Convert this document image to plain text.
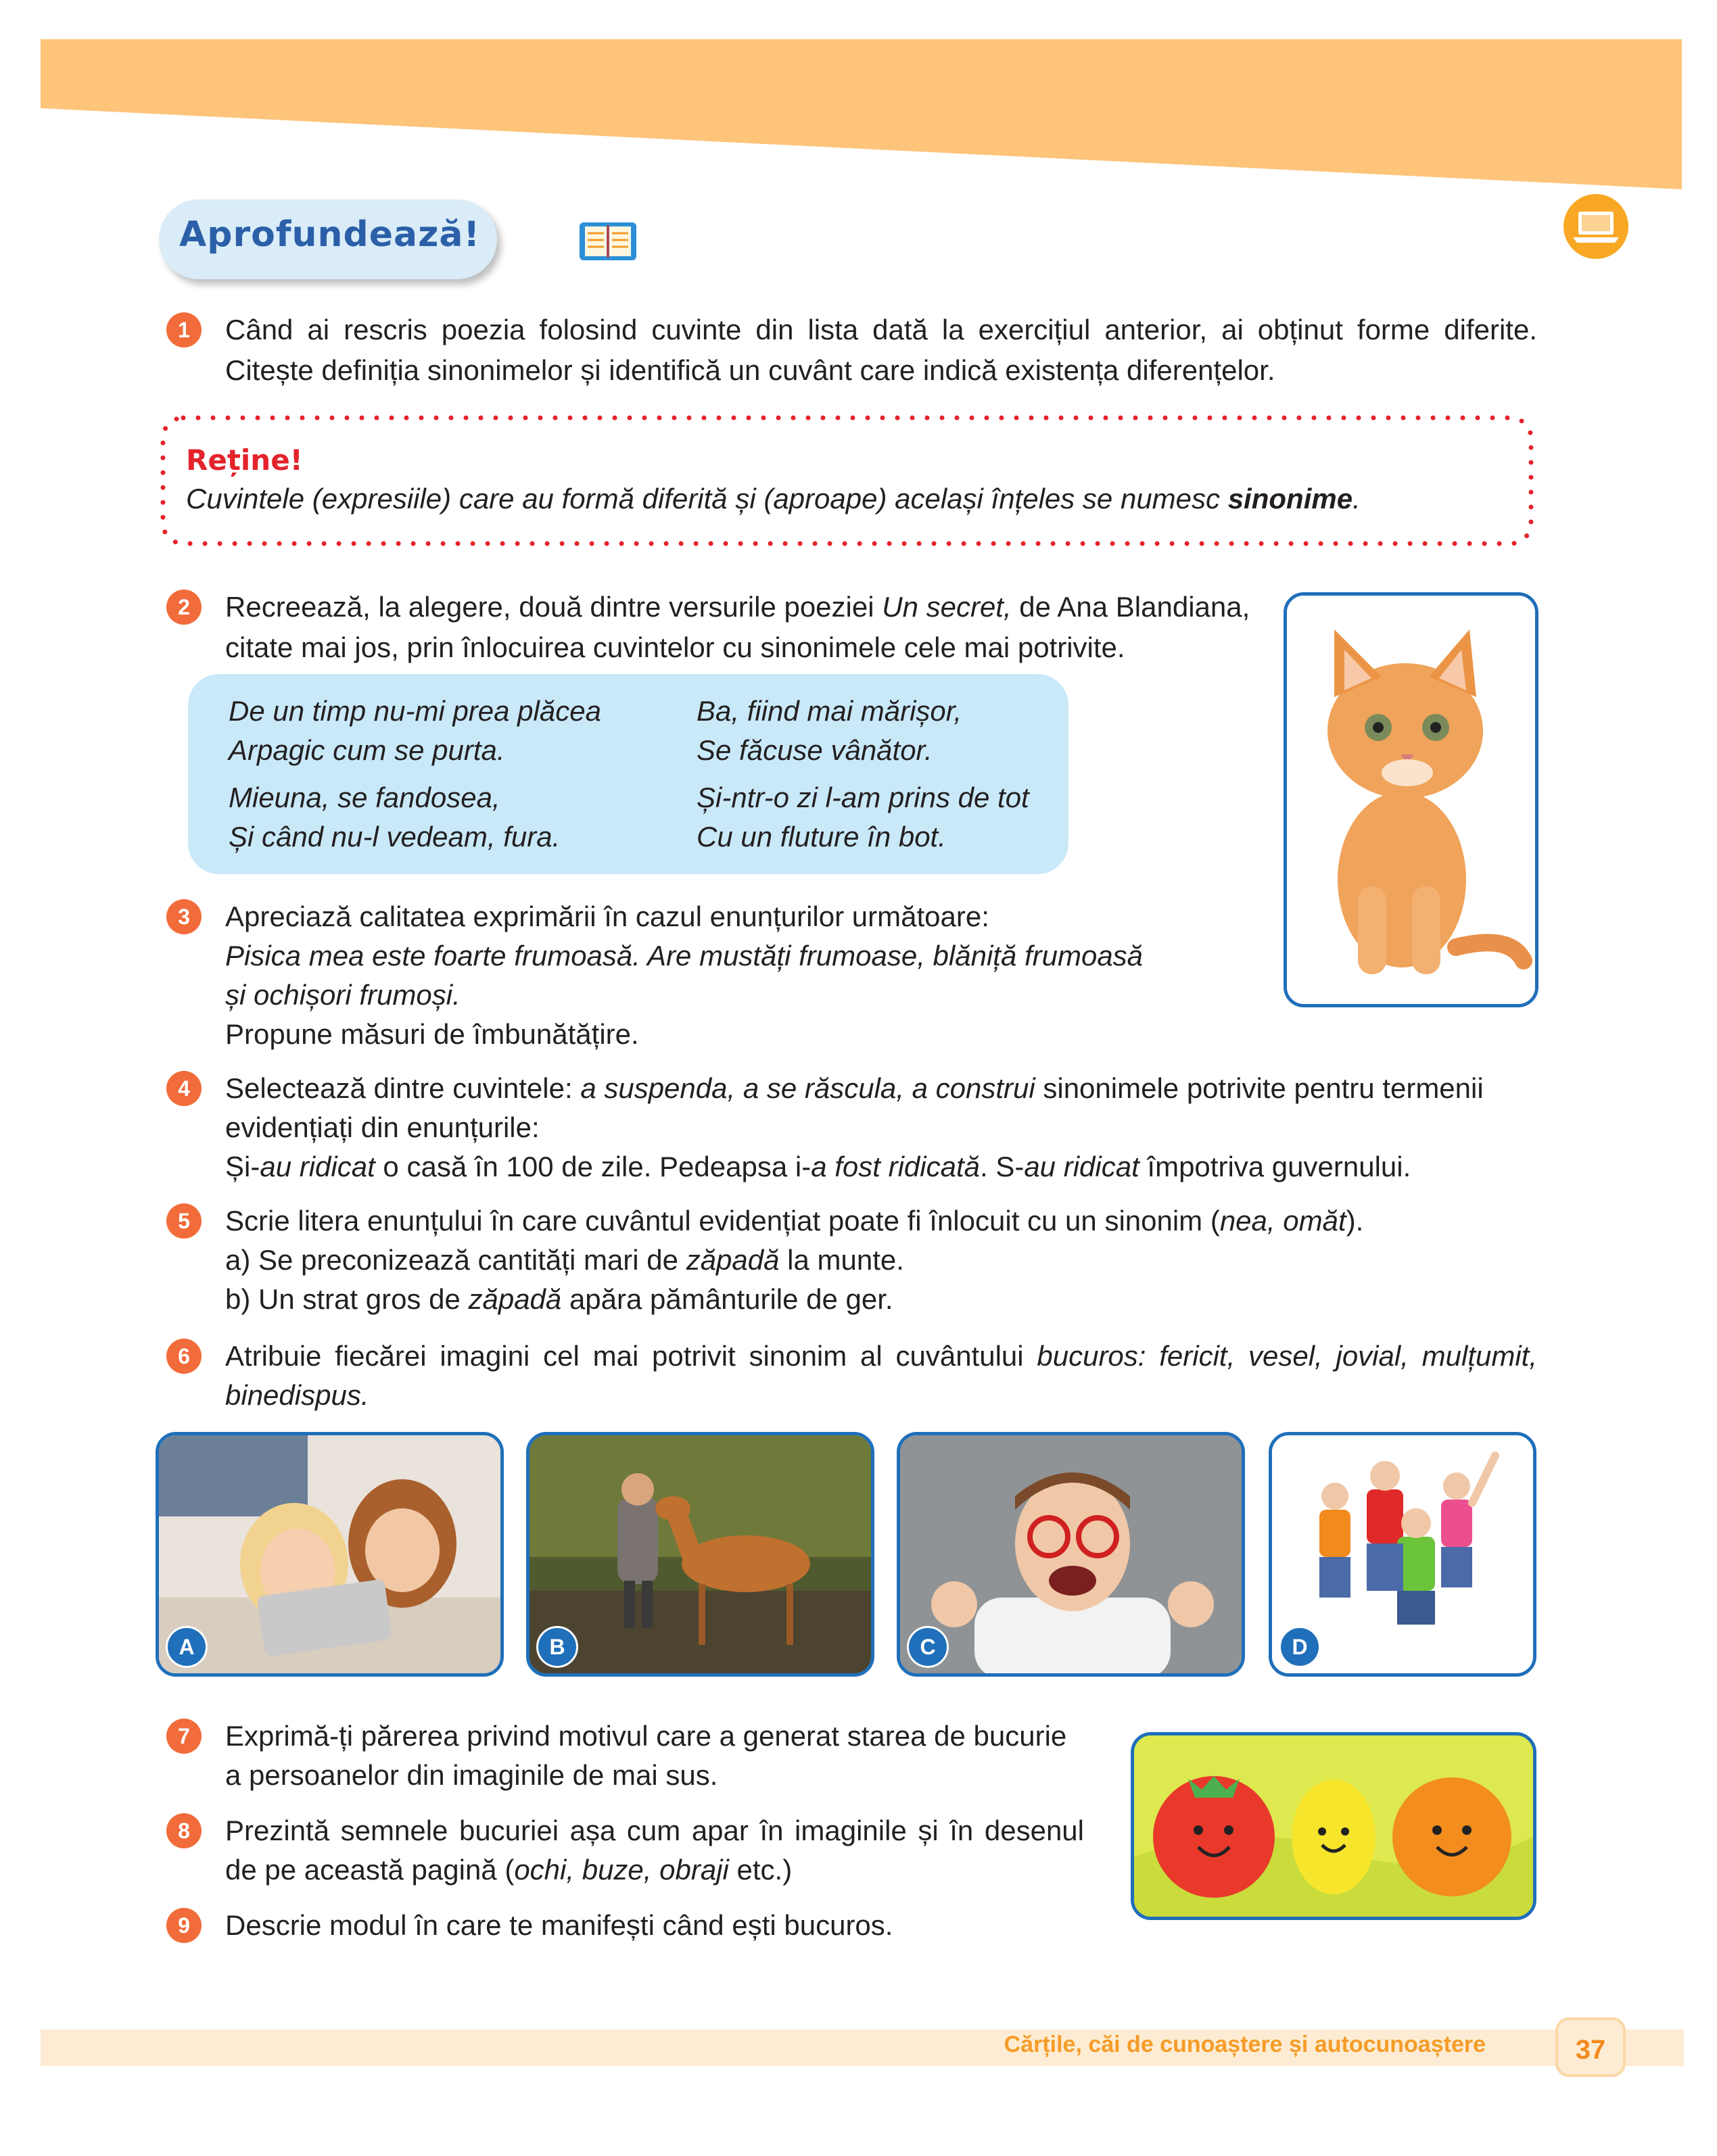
Aprofundează!
1	Când ai rescris poezia folosind cuvinte din lista dată la exercițiul anterior, ai obținut forme diferite.
Citește definiția sinonimelor și identifică un cuvânt care indică existența diferențelor.
Reține!
Cuvintele (expresiile) care au formă diferită și (aproape) același înțeles se numesc sinonime.
2	Recreează, la alegere, două dintre versurile poeziei Un secret, de Ana Blandiana,
citate mai jos, prin înlocuirea cuvintelor cu sinonimele cele mai potrivite.
De un timp nu-mi prea plăcea
Arpagic cum se purta.
Mieuna, se fandosea,
Și când nu-l vedeam, fura.
Ba, fiind mai mărișor,
Se făcuse vânător.
Și-ntr-o zi l-am prins de tot
Cu un fluture în bot.
3	Apreciază calitatea exprimării în cazul enunțurilor următoare:
Pisica mea este foarte frumoasă. Are mustăți frumoase, blăniță frumoasă
și ochișori frumoși.
Propune măsuri de îmbunătățire.
4	Selectează dintre cuvintele: a suspenda, a se răscula, a construi sinonimele potrivite pentru termenii
evidențiați din enunțurile:
Și-au ridicat o casă în 100 de zile. Pedeapsa i-a fost ridicată. S-au ridicat împotriva guvernului.
5	Scrie litera enunțului în care cuvântul evidențiat poate fi înlocuit cu un sinonim (nea, omăt).
a) Se preconizează cantități mari de zăpadă la munte.
b) Un strat gros de zăpadă apăra pământurile de ger.
6	Atribuie fiecărei imagini cel mai potrivit sinonim al cuvântului bucuros: fericit, vesel, jovial, mulțumit,
binedispus.
A	B	C	D
7	Exprimă-ți părerea privind motivul care a generat starea de bucurie
a persoanelor din imaginile de mai sus.
8	Prezintă semnele bucuriei așa cum apar în imaginile și în desenul
de pe această pagină (ochi, buze, obraji etc.)
9	Descrie modul în care te manifești când ești bucuros.
Cărțile, căi de cunoaștere și autocunoaștere	37
